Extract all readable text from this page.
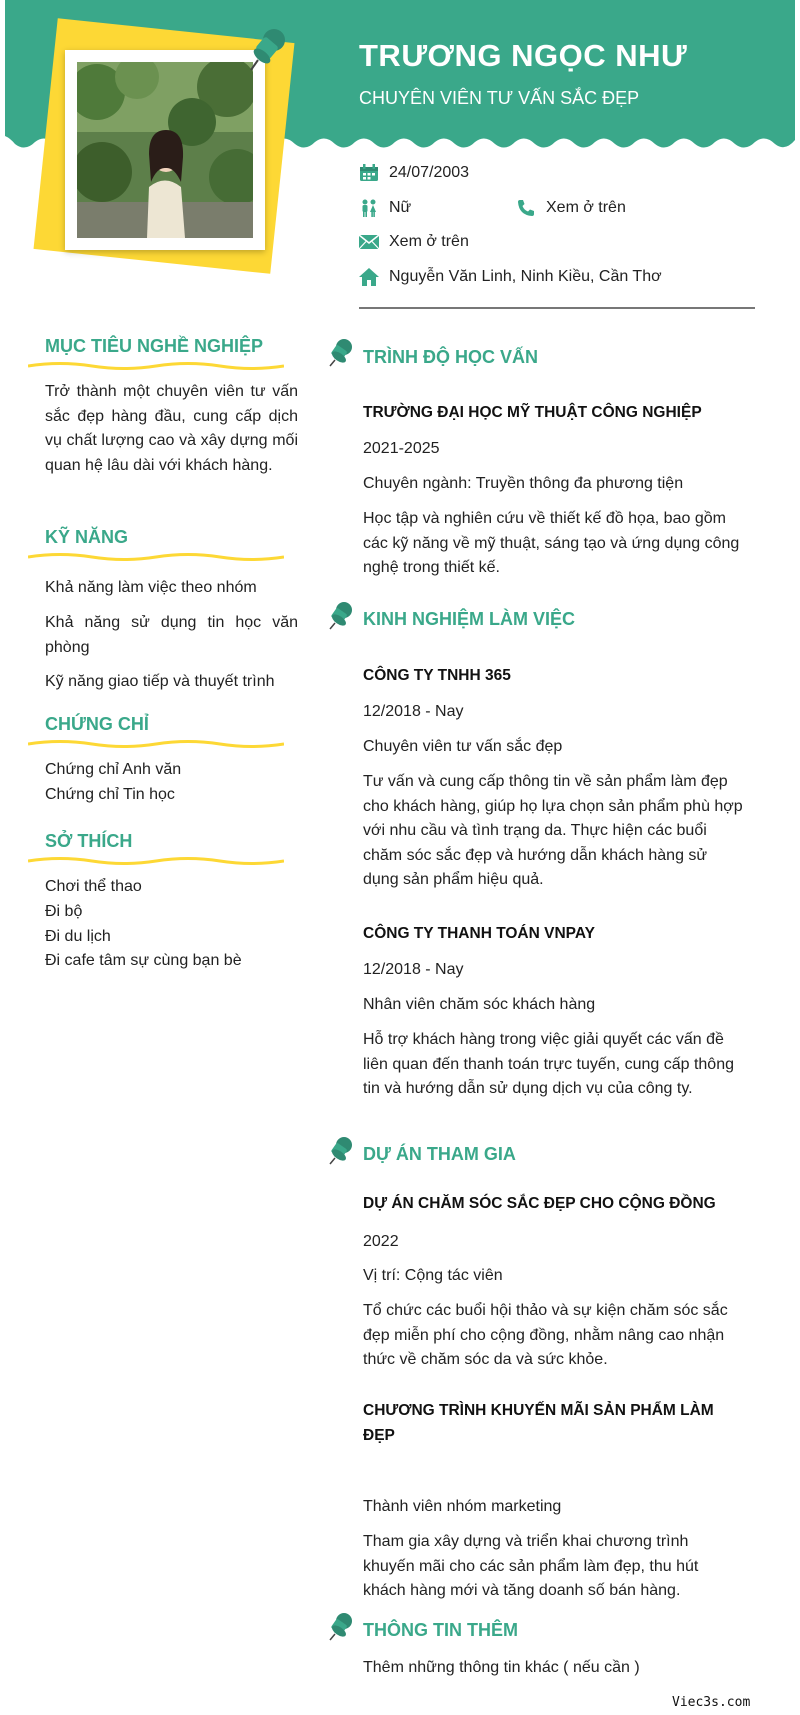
TRƯƠNG NGỌC NHƯ
CHUYÊN VIÊN TƯ VẤN SẮC ĐẸP
24/07/2003
Nữ	Xem ở trên
Xem ở trên
Nguyễn Văn Linh, Ninh Kiều, Cần Thơ
MỤC TIÊU NGHỀ NGHIỆP
Trở thành một chuyên viên tư vấn sắc đẹp hàng đầu, cung cấp dịch vụ chất lượng cao và xây dựng mối quan hệ lâu dài với khách hàng.
KỸ NĂNG
Khả năng làm việc theo nhóm
Khả năng sử dụng tin học văn phòng
Kỹ năng giao tiếp và thuyết trình
CHỨNG CHỈ
Chứng chỉ Anh văn
Chứng chỉ Tin học
SỞ THÍCH
Chơi thể thao
Đi bộ
Đi du lịch
Đi cafe tâm sự cùng bạn bè
TRÌNH ĐỘ HỌC VẤN
TRƯỜNG ĐẠI HỌC MỸ THUẬT CÔNG NGHIỆP
2021-2025
Chuyên ngành: Truyền thông đa phương tiện
Học tập và nghiên cứu về thiết kế đồ họa, bao gồm các kỹ năng về mỹ thuật, sáng tạo và ứng dụng công nghệ trong thiết kế.
KINH NGHIỆM LÀM VIỆC
CÔNG TY TNHH 365
12/2018 - Nay
Chuyên viên tư vấn sắc đẹp
Tư vấn và cung cấp thông tin về sản phẩm làm đẹp cho khách hàng, giúp họ lựa chọn sản phẩm phù hợp với nhu cầu và tình trạng da. Thực hiện các buổi chăm sóc sắc đẹp và hướng dẫn khách hàng sử dụng sản phẩm hiệu quả.
CÔNG TY THANH TOÁN VNPAY
12/2018 - Nay
Nhân viên chăm sóc khách hàng
Hỗ trợ khách hàng trong việc giải quyết các vấn đề liên quan đến thanh toán trực tuyến, cung cấp thông tin và hướng dẫn sử dụng dịch vụ của công ty.
DỰ ÁN THAM GIA
DỰ ÁN CHĂM SÓC SẮC ĐẸP CHO CỘNG ĐỒNG
2022
Vị trí: Cộng tác viên
Tổ chức các buổi hội thảo và sự kiện chăm sóc sắc đẹp miễn phí cho cộng đồng, nhằm nâng cao nhận thức về chăm sóc da và sức khỏe.
CHƯƠNG TRÌNH KHUYẾN MÃI SẢN PHẨM LÀM ĐẸP
Thành viên nhóm marketing
Tham gia xây dựng và triển khai chương trình khuyến mãi cho các sản phẩm làm đẹp, thu hút khách hàng mới và tăng doanh số bán hàng.
THÔNG TIN THÊM
Thêm những thông tin khác ( nếu cần )
Viec3s.com
